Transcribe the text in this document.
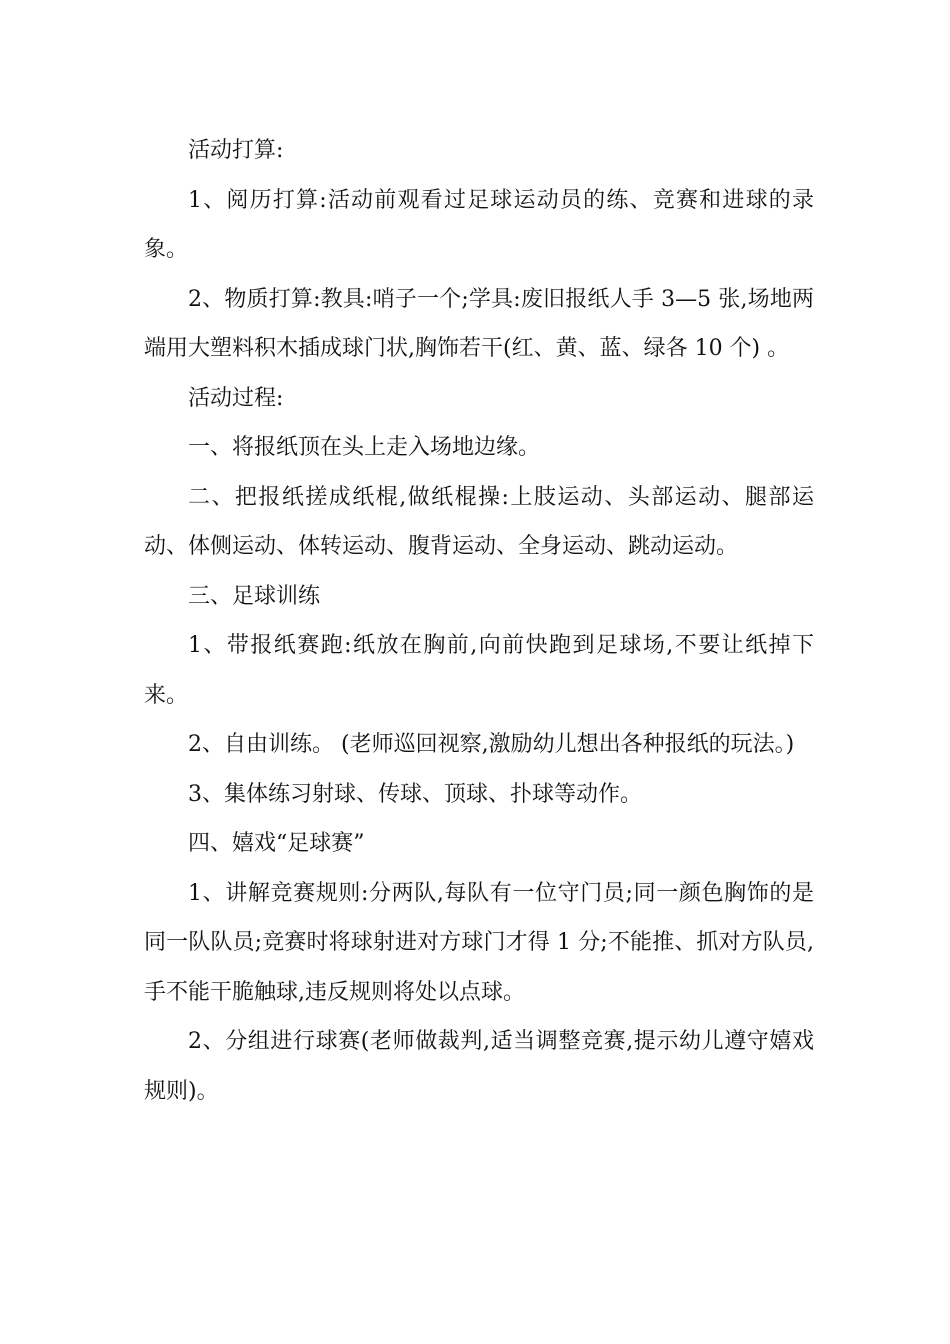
活动打算:

1、阅历打算:活动前观看过足球运动员的练、竞赛和进球的录象。

2、物质打算:教具:哨子一个;学具:废旧报纸人手 3—5 张,场地两端用大塑料积木插成球门状,胸饰若干(红、黄、蓝、绿各 10 个) 。

活动过程:

一、将报纸顶在头上走入场地边缘。

二、把报纸搓成纸棍,做纸棍操:上肢运动、头部运动、腿部运动、体侧运动、体转运动、腹背运动、全身运动、跳动运动。

三、足球训练

1、带报纸赛跑:纸放在胸前,向前快跑到足球场,不要让纸掉下来。

2、自由训练。 (老师巡回视察,激励幼儿想出各种报纸的玩法。)

3、集体练习射球、传球、顶球、扑球等动作。

四、嬉戏“足球赛”

1、讲解竞赛规则:分两队,每队有一位守门员;同一颜色胸饰的是同一队队员;竞赛时将球射进对方球门才得 1 分;不能推、抓对方队员,手不能干脆触球,违反规则将处以点球。

2、分组进行球赛(老师做裁判,适当调整竞赛,提示幼儿遵守嬉戏规则)。
